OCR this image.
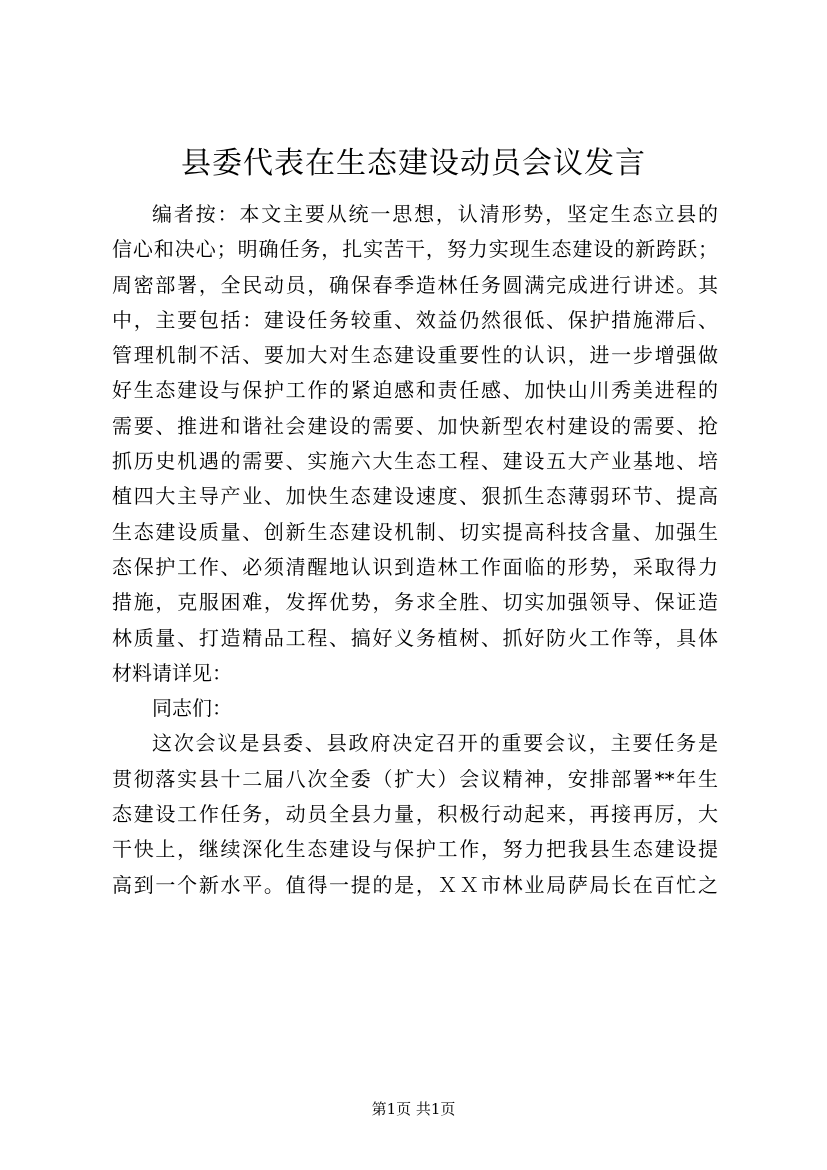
县委代表在生态建设动员会议发言
编者按：本文主要从统一思想，认清形势，坚定生态立县的
信心和决心；明确任务，扎实苦干，努力实现生态建设的新跨跃；
周密部署，全民动员，确保春季造林任务圆满完成进行讲述。其
中，主要包括：建设任务较重、效益仍然很低、保护措施滞后、
管理机制不活、要加大对生态建设重要性的认识，进一步增强做
好生态建设与保护工作的紧迫感和责任感、加快山川秀美进程的
需要、推进和谐社会建设的需要、加快新型农村建设的需要、抢
抓历史机遇的需要、实施六大生态工程、建设五大产业基地、培
植四大主导产业、加快生态建设速度、狠抓生态薄弱环节、提高
生态建设质量、创新生态建设机制、切实提高科技含量、加强生
态保护工作、必须清醒地认识到造林工作面临的形势，采取得力
措施，克服困难，发挥优势，务求全胜、切实加强领导、保证造
林质量、打造精品工程、搞好义务植树、抓好防火工作等，具体
材料请详见：
同志们：
这次会议是县委、县政府决定召开的重要会议，主要任务是
贯彻落实县十二届八次全委（扩大）会议精神，安排部署**年生
态建设工作任务，动员全县力量，积极行动起来，再接再厉，大
干快上，继续深化生态建设与保护工作，努力把我县生态建设提
高到一个新水平。值得一提的是，ＸＸ市林业局萨局长在百忙之
第1页 共1页
